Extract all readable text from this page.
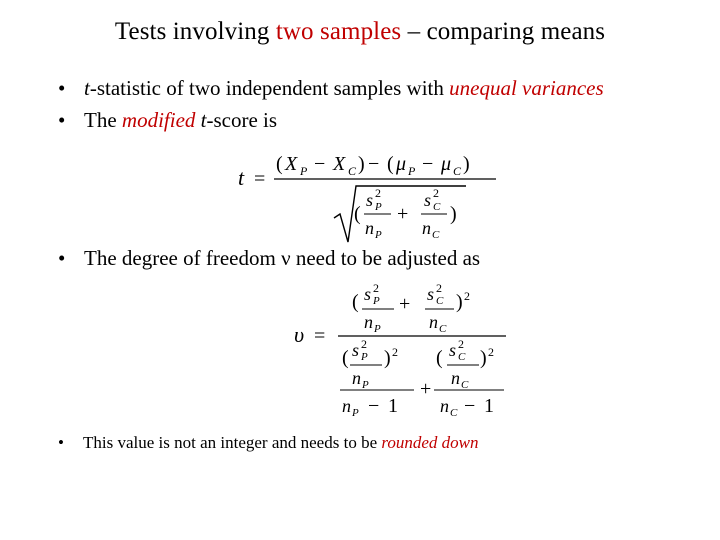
Tests involving two samples – comparing means
• t-statistic of two independent samples with unequal variances
• The modified t-score is
t =
( X P − X C ) − ( μ P − μ C )
(
s 2
P
n P
+
s 2
C
n C
)
• The degree of freedom ν need to be adjusted as
υ =
( s 2
P
n P
+ s 2
C
n C
) 2
( s 2
P
n P
) 2
n P − 1
+
( s 2
C
n C
) 2
n C − 1
• This value is not an integer and needs to be rounded down
